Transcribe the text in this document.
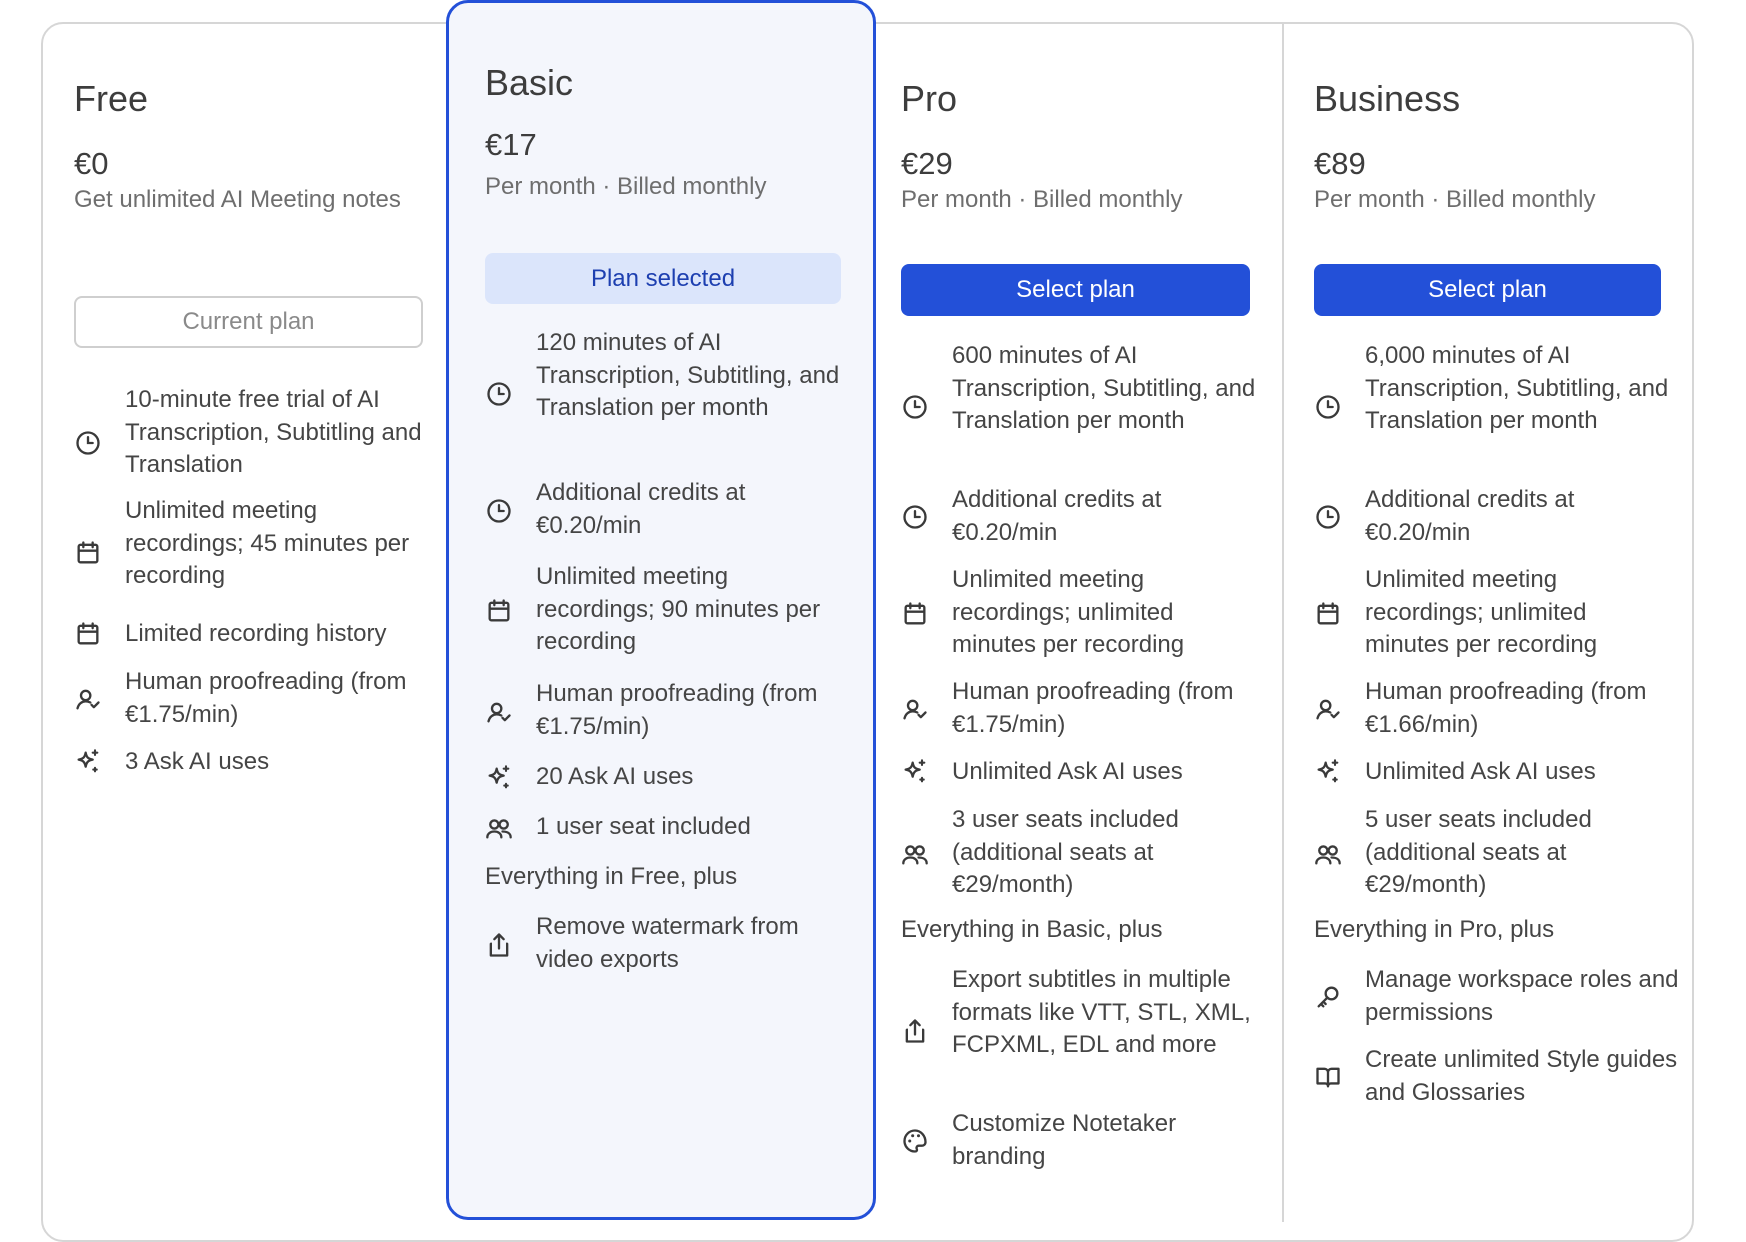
Free
€0
Get unlimited AI Meeting notes
Current plan
10-minute free trial of AI Transcription, Subtitling and Translation
Unlimited meeting recordings; 45 minutes per recording
Limited recording history
Human proofreading (from €1.75/min)
3 Ask AI uses
Basic
€17
Per month · Billed monthly
Plan selected
120 minutes of AI Transcription, Subtitling, and Translation per month
Additional credits at €0.20/min
Unlimited meeting recordings; 90 minutes per recording
Human proofreading (from €1.75/min)
20 Ask AI uses
1 user seat included
Everything in Free, plus
Remove watermark from video exports
Pro
€29
Per month · Billed monthly
Select plan
600 minutes of AI Transcription, Subtitling, and Translation per month
Additional credits at €0.20/min
Unlimited meeting recordings; unlimited minutes per recording
Human proofreading (from €1.75/min)
Unlimited Ask AI uses
3 user seats included (additional seats at €29/month)
Everything in Basic, plus
Export subtitles in multiple formats like VTT, STL, XML, FCPXML, EDL and more
Customize Notetaker branding
Business
€89
Per month · Billed monthly
Select plan
6,000 minutes of AI Transcription, Subtitling, and Translation per month
Additional credits at €0.20/min
Unlimited meeting recordings; unlimited minutes per recording
Human proofreading (from €1.66/min)
Unlimited Ask AI uses
5 user seats included (additional seats at €29/month)
Everything in Pro, plus
Manage workspace roles and permissions
Create unlimited Style guides and Glossaries
